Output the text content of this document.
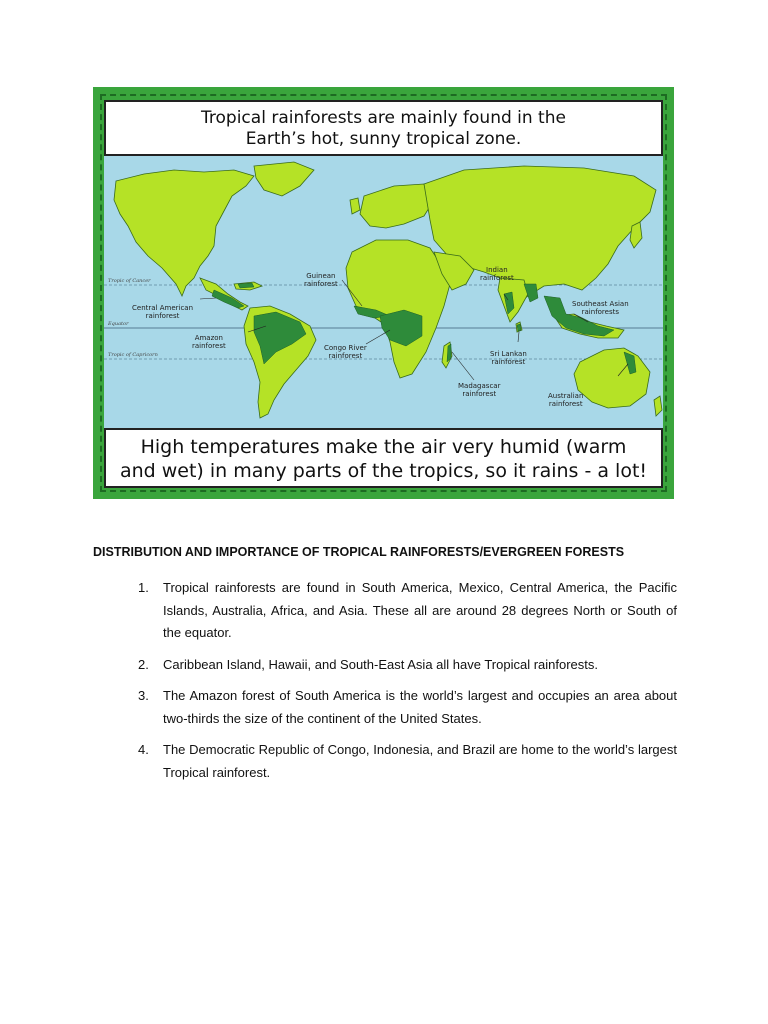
Tropical rainforests are mainly found in the
Earth’s hot, sunny tropical zone.
Tropic of Cancer
Equator
Tropic of Capricorn
Central American
rainforest
Amazon
rainforest
Guinean
rainforest
Congo River
rainforest
Madagascar
rainforest
Indian
rainforest
Sri Lankan
rainforest
Southeast Asian
rainforests
Australian
rainforest
High temperatures make the air very humid (warm
and wet) in many parts of the tropics, so it rains - a lot!
DISTRIBUTION AND IMPORTANCE OF TROPICAL RAINFORESTS/EVERGREEN FORESTS
1. Tropical rainforests are found in South America, Mexico, Central America, the Pacific Islands, Australia, Africa, and Asia. These all are around 28 degrees North or South of the equator.
2. Caribbean Island, Hawaii, and South-East Asia all have Tropical rainforests.
3. The Amazon forest of South America is the world’s largest and occupies an area about two-thirds the size of the continent of the United States.
4. The Democratic Republic of Congo, Indonesia, and Brazil are home to the world’s largest Tropical rainforest.
